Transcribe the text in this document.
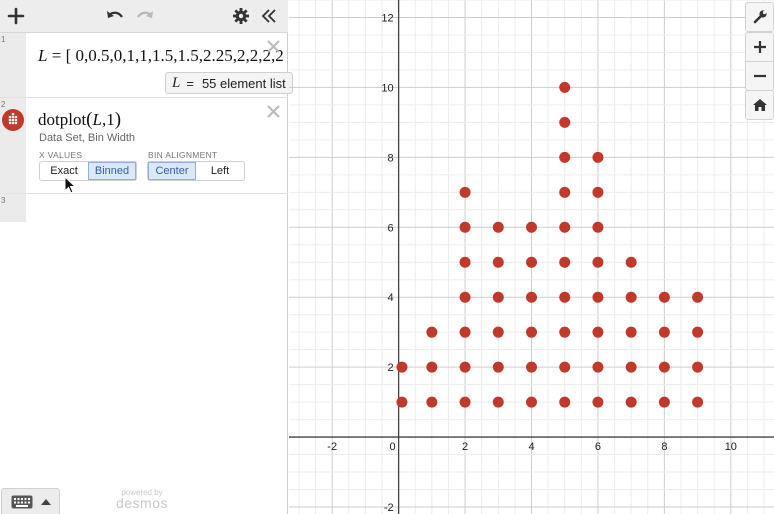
1
L = [ 0,0.5,0,1,1,1.5,1.5,2.25,2,2,2,2
L = 55 element list
2
dotplot(L,1)
Data Set, Bin Width
X VALUES	BIN ALIGNMENT
Exact	Binned	Center	Left
3
powered by
desmos
-2	0	2	4	6	8	10
12
10
8
6
4
2
-2
